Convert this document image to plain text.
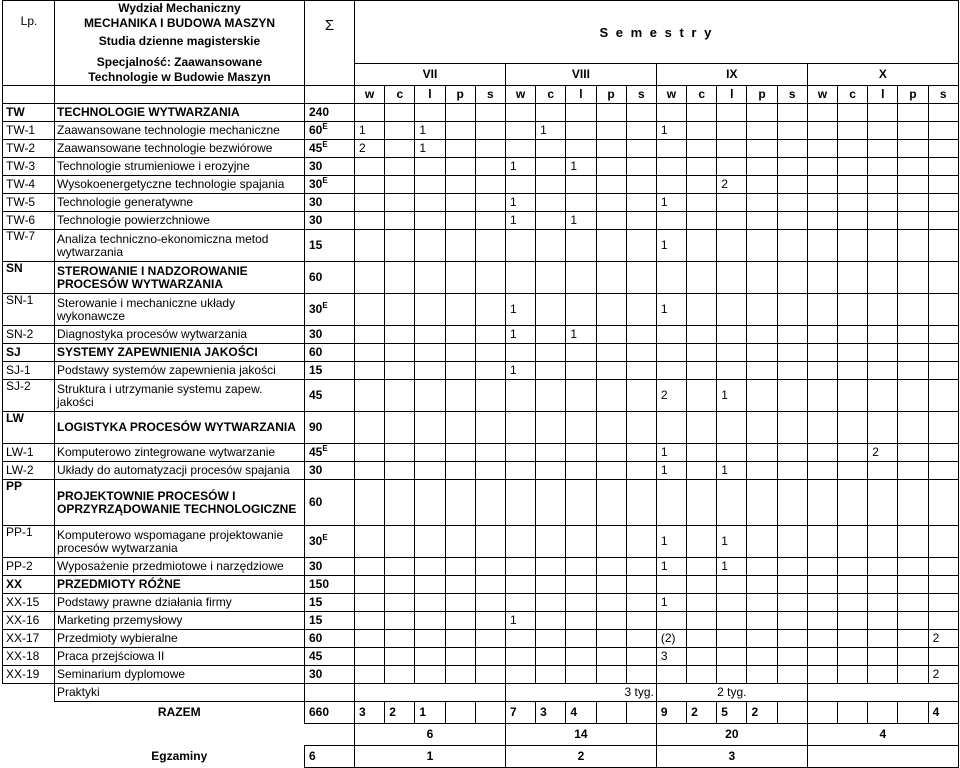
Lp.	Wydział Mechaniczny
MECHANIKA I BUDOWA MASZYN
Studia dzienne magisterskie
Specjalność: Zaawansowane
Technologie w Budowie Maszyn	Σ	S e m e s t r y																			
			VII					VIII					IX					X				
			w	c	l	p	s	w	c	l	p	s	w	c	l	p	s	w	c	l	p	s
TW	TECHNOLOGIE WYTWARZANIA	240																				
TW-1	Zaawansowane technologie mechaniczne	$60^E$	1		1				1				1									
TW-2	Zaawansowane technologie bezwiórowe	$45^E$	2		1																	
TW-3	Technologie strumieniowe i erozyjne	30						1		1												
TW-4	Wysokoenergetyczne technologie spajania	$30^E$													2							
TW-5	Technologie generatywne	30						1					1									
TW-6	Technologie powierzchniowe	30						1		1												
TW-7	Analiza techniczno-ekonomiczna metod wytwarzania	15											1									
SN	STEROWANIE I NADZOROWANIE PROCESÓW WYTWARZANIA	60																				
SN-1	Sterowanie i mechaniczne układy wykonawcze	$30^E$						1					1									
SN-2	Diagnostyka procesów wytwarzania	30						1		1												
SJ	SYSTEMY ZAPEWNIENIA JAKOŚCI	60																				
SJ-1	Podstawy systemów zapewnienia jakości	15						1														
SJ-2	Struktura i utrzymanie systemu zapew. jakości	45											2		1							
LW	LOGISTYKA PROCESÓW WYTWARZANIA	90																				
LW-1	Komputerowo zintegrowane wytwarzanie	$45^E$											1							2		
LW-2	Układy do automatyzacji procesów spajania	30											1		1							
PP	PROJEKTOWNIE PROCESÓW I OPRZYRZĄDOWANIE TECHNOLOGICZNE	60																				
PP-1	Komputerowo wspomagane projektowanie procesów wytwarzania	$30^E$											1		1							
PP-2	Wyposażenie przedmiotowe i narzędziowe	30											1		1							
XX	PRZEDMIOTY RÓŻNE	150																				
XX-15	Podstawy prawne działania firmy	15											1									
XX-16	Marketing przemysłowy	15						1														
XX-17	Przedmioty wybieralne	60											(2)									2
XX-18	Praca przejściowa II	45											3									
XX-19	Seminarium dyplomowe	30																				2
	Praktyki							3 tyg.					2 tyg.									
	RAZEM	660	3	2	1			7	3	4			9	2	5	2						4
			6					14					20					4				
	Egzaminy	6	1					2					3									
